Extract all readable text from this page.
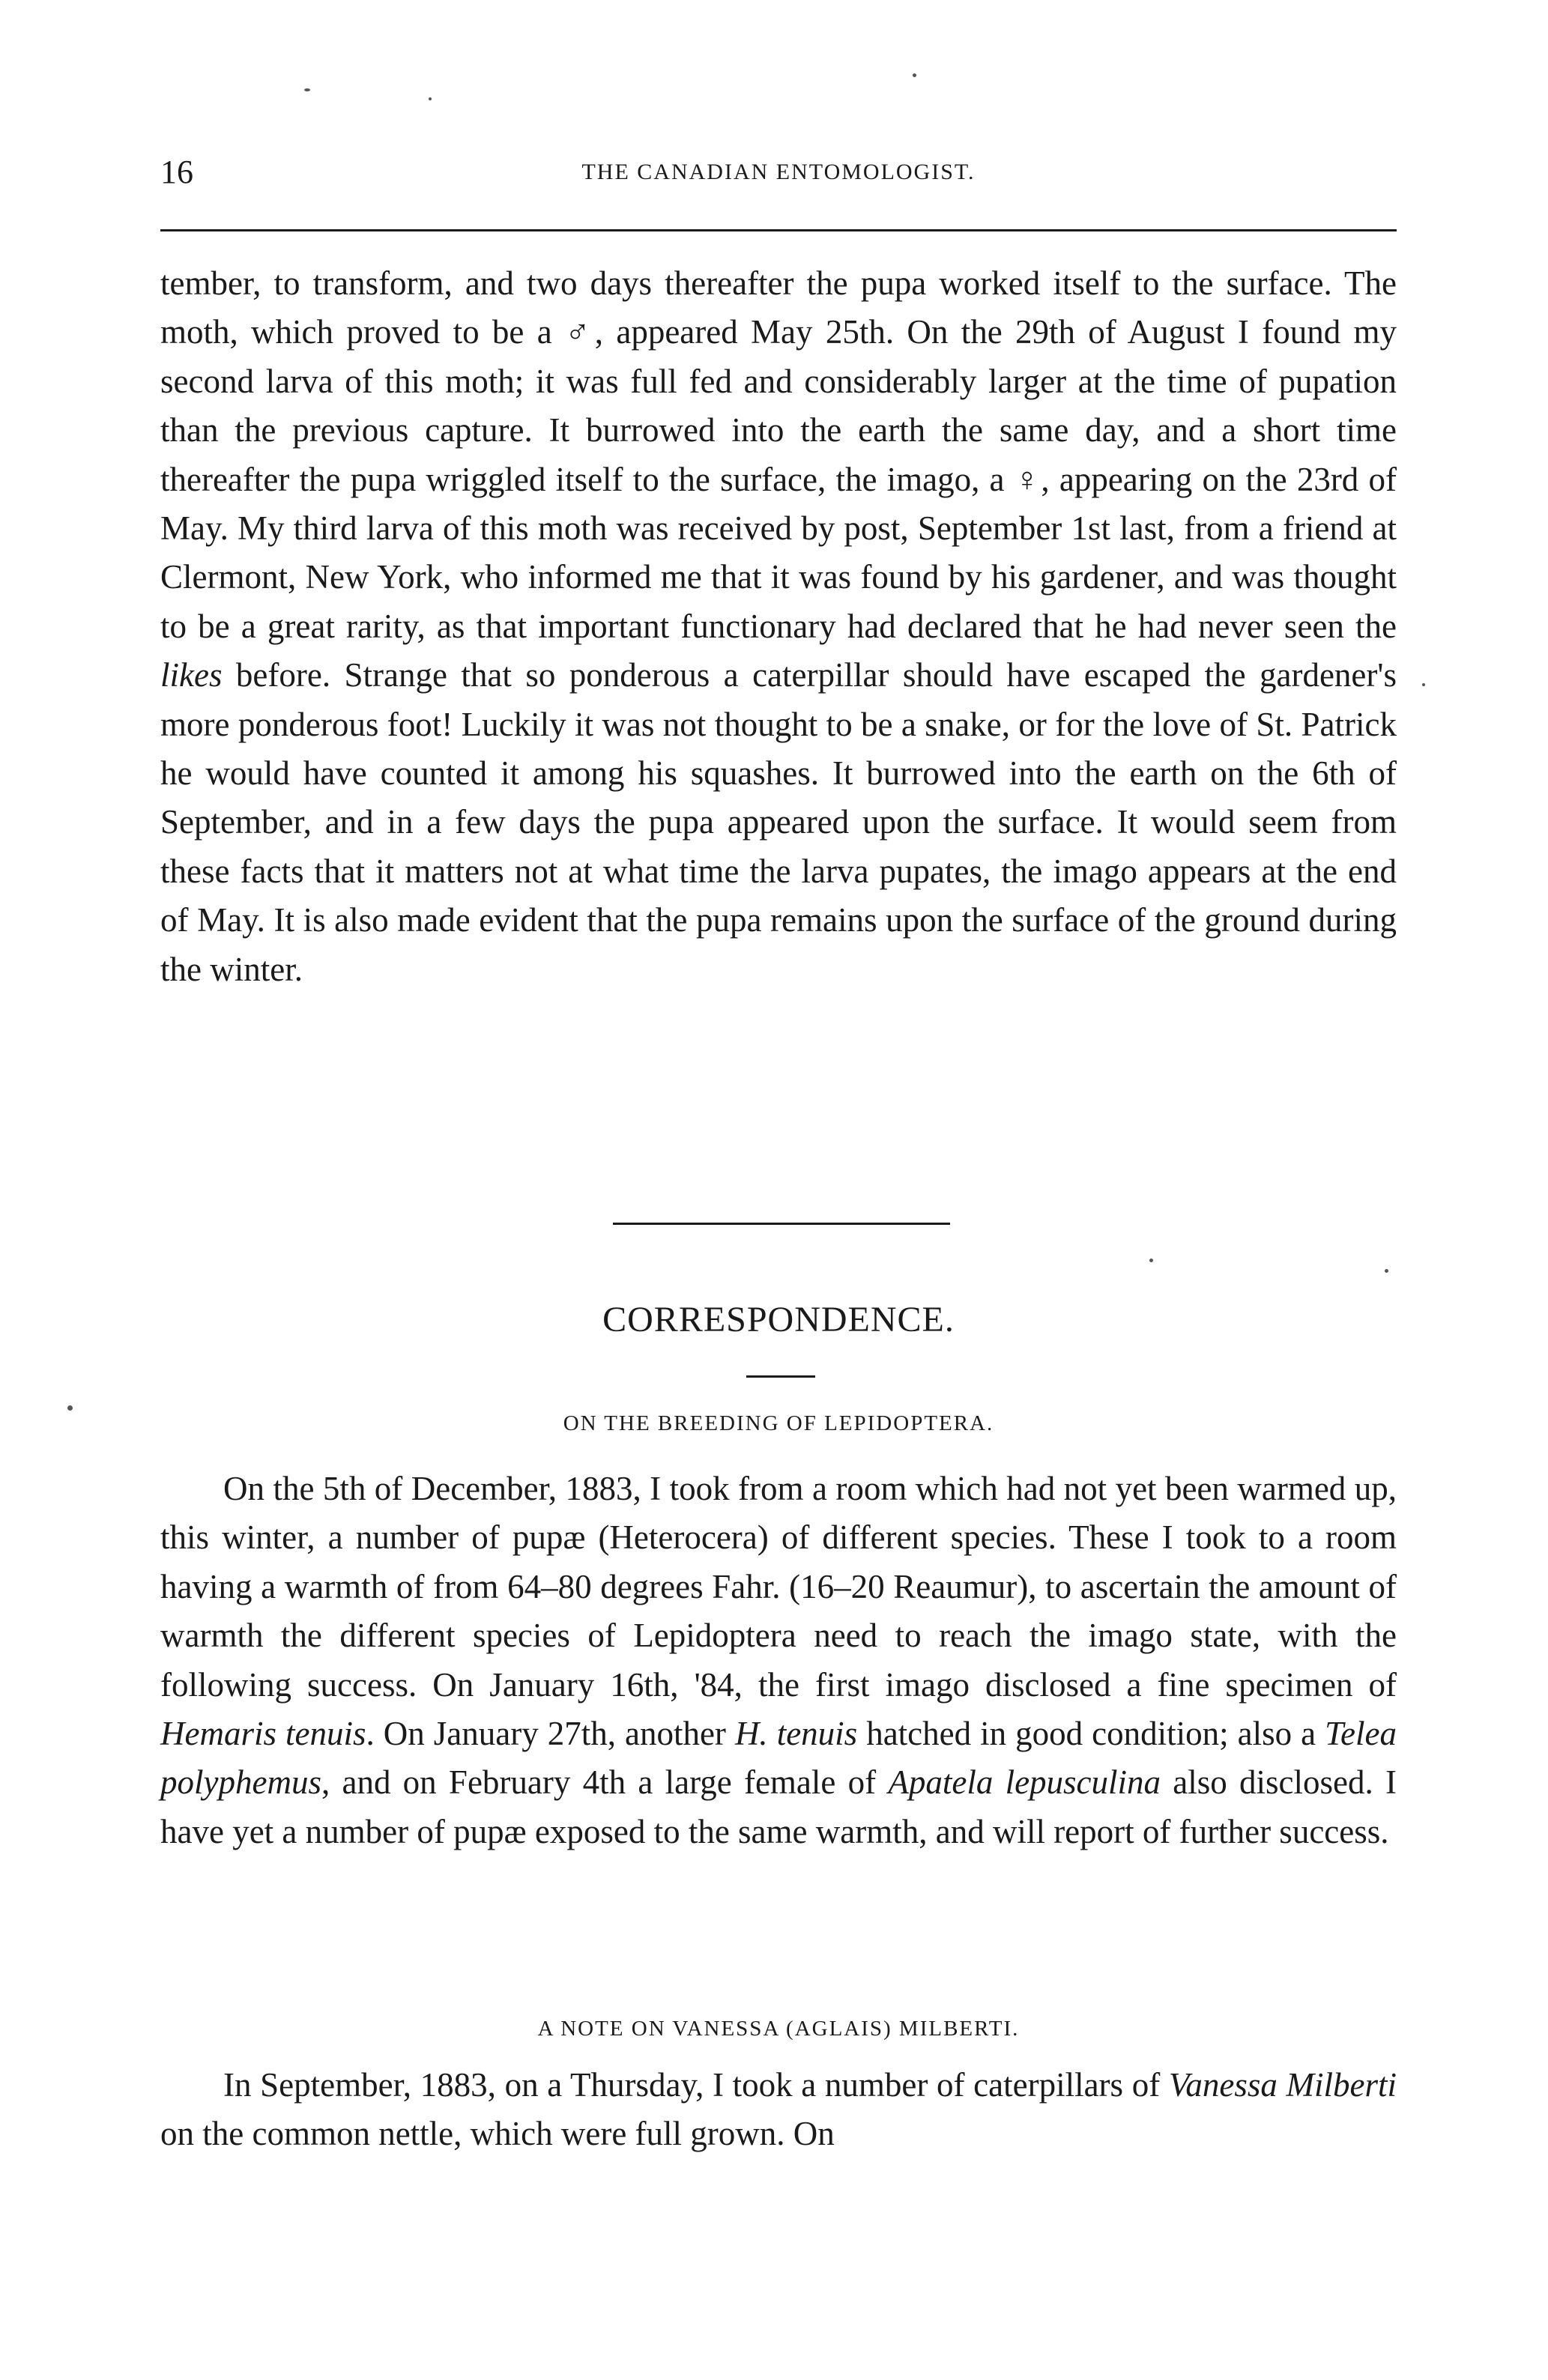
16	THE CANADIAN ENTOMOLOGIST.

tember, to transform, and two days thereafter the pupa worked itself to the surface. The moth, which proved to be a ♂, appeared May 25th. On the 29th of August I found my second larva of this moth; it was full fed and considerably larger at the time of pupation than the previous capture. It burrowed into the earth the same day, and a short time thereafter the pupa wriggled itself to the surface, the imago, a ♀, appearing on the 23rd of May. My third larva of this moth was received by post, September 1st last, from a friend at Clermont, New York, who informed me that it was found by his gardener, and was thought to be a great rarity, as that important functionary had declared that he had never seen the likes before. Strange that so ponderous a caterpillar should have escaped the gardener's more ponderous foot! Luckily it was not thought to be a snake, or for the love of St. Patrick he would have counted it among his squashes. It burrowed into the earth on the 6th of September, and in a few days the pupa appeared upon the surface. It would seem from these facts that it matters not at what time the larva pupates, the imago appears at the end of May. It is also made evident that the pupa remains upon the surface of the ground during the winter.

CORRESPONDENCE.
ON THE BREEDING OF LEPIDOPTERA.

On the 5th of December, 1883, I took from a room which had not yet been warmed up, this winter, a number of pupæ (Heterocera) of different species. These I took to a room having a warmth of from 64–80 degrees Fahr. (16–20 Reaumur), to ascertain the amount of warmth the different species of Lepidoptera need to reach the imago state, with the following success. On January 16th, '84, the first imago disclosed a fine specimen of Hemaris tenuis. On January 27th, another H. tenuis hatched in good condition; also a Telea polyphemus, and on February 4th a large female of Apatela lepusculina also disclosed. I have yet a number of pupæ exposed to the same warmth, and will report of further success.

A NOTE ON VANESSA (AGLAIS) MILBERTI.

In September, 1883, on a Thursday, I took a number of caterpillars of Vanessa Milberti on the common nettle, which were full grown. On
